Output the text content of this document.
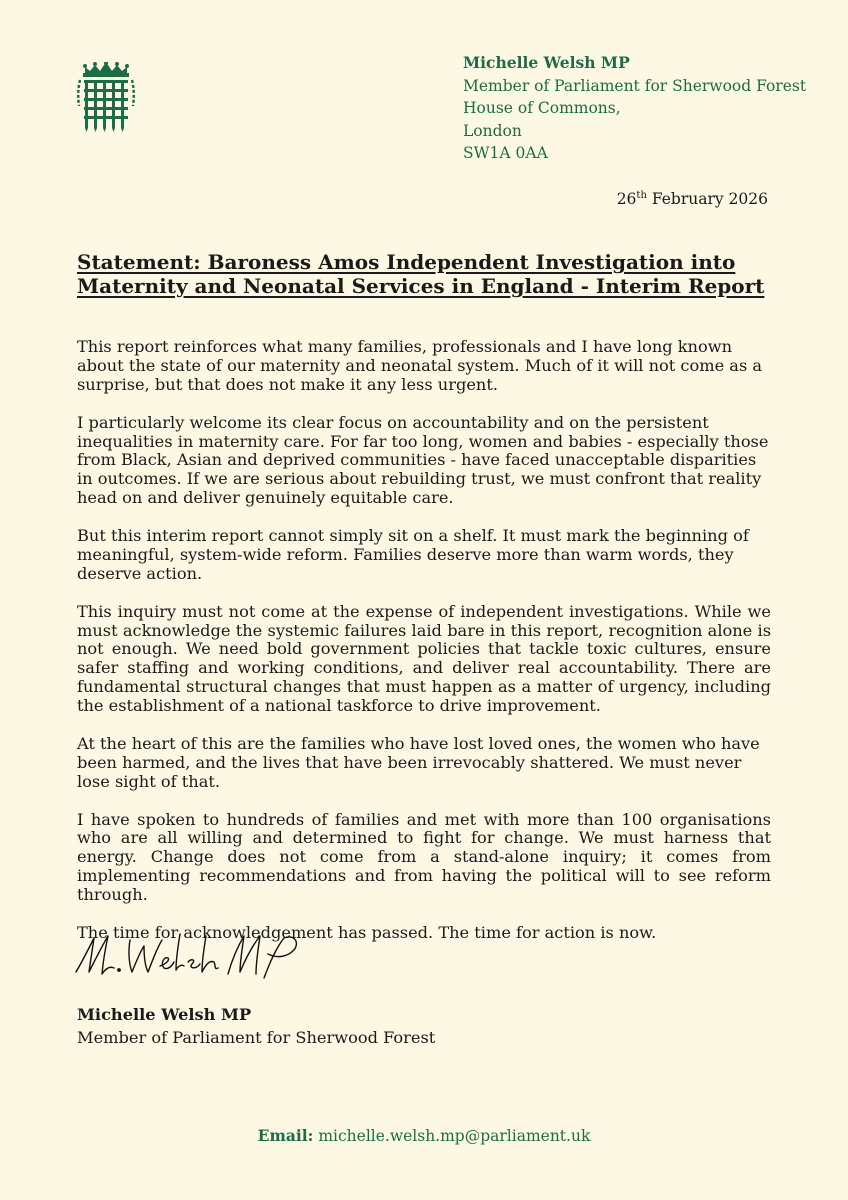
Michelle Welsh MP
Member of Parliament for Sherwood Forest
House of Commons,
London
SW1A 0AA
26th February 2026
Statement: Baroness Amos Independent Investigation into Maternity and Neonatal Services in England - Interim Report

This report reinforces what many families, professionals and I have long known about the state of our maternity and neonatal system. Much of it will not come as a surprise, but that does not make it any less urgent.

I particularly welcome its clear focus on accountability and on the persistent inequalities in maternity care. For far too long, women and babies - especially those from Black, Asian and deprived communities - have faced unacceptable disparities in outcomes. If we are serious about rebuilding trust, we must confront that reality head on and deliver genuinely equitable care.

But this interim report cannot simply sit on a shelf. It must mark the beginning of meaningful, system-wide reform. Families deserve more than warm words, they deserve action.

This inquiry must not come at the expense of independent investigations. While we must acknowledge the systemic failures laid bare in this report, recognition alone is not enough. We need bold government policies that tackle toxic cultures, ensure safer staffing and working conditions, and deliver real accountability. There are fundamental structural changes that must happen as a matter of urgency, including the establishment of a national taskforce to drive improvement.

At the heart of this are the families who have lost loved ones, the women who have been harmed, and the lives that have been irrevocably shattered. We must never lose sight of that.

I have spoken to hundreds of families and met with more than 100 organisations who are all willing and determined to fight for change. We must harness that energy. Change does not come from a stand-alone inquiry; it comes from implementing recommendations and from having the political will to see reform through.

The time for acknowledgement has passed. The time for action is now.

Michelle Welsh MP
Member of Parliament for Sherwood Forest
Email: michelle.welsh.mp@parliament.uk
